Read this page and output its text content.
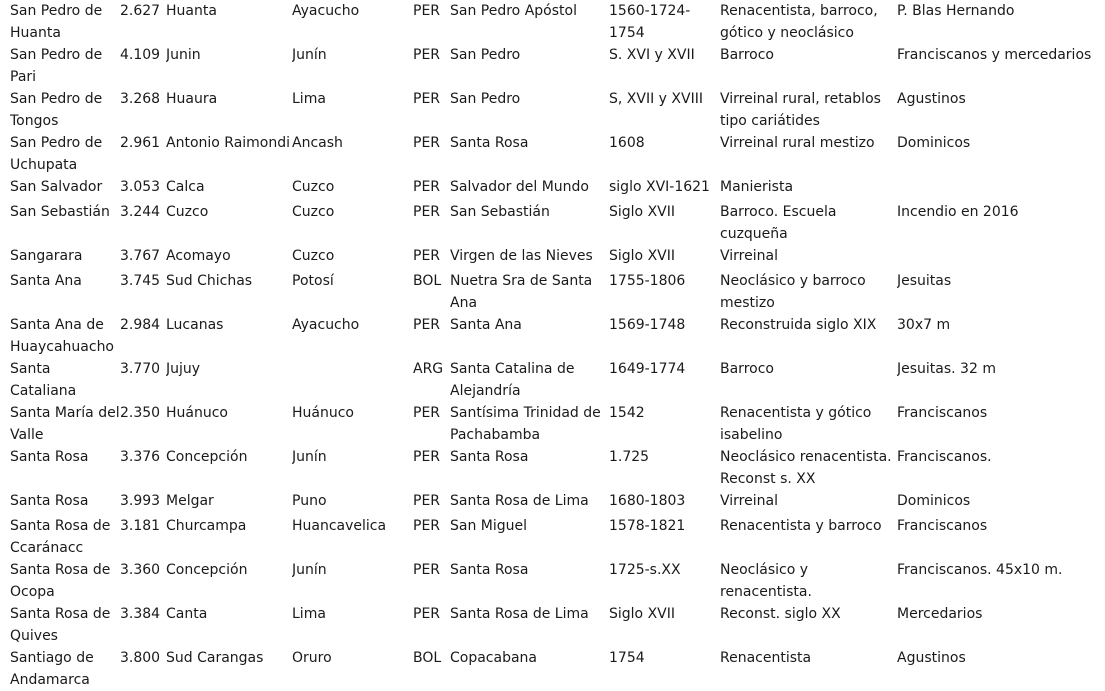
San Pedro de Huanta	2.627	Huanta	Ayacucho	PER	San Pedro Apóstol	1560-1724-1754	Renacentista, barroco, gótico y neoclásico	P. Blas Hernando
San Pedro de Pari	4.109	Junin	Junín	PER	San Pedro	S. XVI y XVII	Barroco	Franciscanos y mercedarios
San Pedro de Tongos	3.268	Huaura	Lima	PER	San Pedro	S, XVII y XVIII	Virreinal rural, retablos tipo cariátides	Agustinos
San Pedro de Uchupata	2.961	Antonio Raimondi	Ancash	PER	Santa Rosa	1608	Virreinal rural mestizo	Dominicos
San Salvador	3.053	Calca	Cuzco	PER	Salvador del Mundo	siglo XVI-1621	Manierista	
San Sebastián	3.244	Cuzco	Cuzco	PER	San Sebastián	Siglo XVII	Barroco. Escuela cuzqueña	Incendio en 2016
Sangarara	3.767	Acomayo	Cuzco	PER	Virgen de las Nieves	Siglo XVII	Virreinal	
Santa Ana	3.745	Sud Chichas	Potosí	BOL	Nuetra Sra de Santa Ana	1755-1806	Neoclásico y barroco mestizo	Jesuitas
Santa Ana de Huaycahuacho	2.984	Lucanas	Ayacucho	PER	Santa Ana	1569-1748	Reconstruida siglo XIX	30x7 m
Santa Cataliana	3.770	Jujuy		ARG	Santa Catalina de Alejandría	1649-1774	Barroco	Jesuitas. 32 m
Santa María del Valle	2.350	Huánuco	Huánuco	PER	Santísima Trinidad de Pachabamba	1542	Renacentista y gótico isabelino	Franciscanos
Santa Rosa	3.376	Concepción	Junín	PER	Santa Rosa	1.725	Neoclásico renacentista. Reconst s. XX	Franciscanos.
Santa Rosa	3.993	Melgar	Puno	PER	Santa Rosa de Lima	1680-1803	Virreinal	Dominicos
Santa Rosa de Ccaránacc	3.181	Churcampa	Huancavelica	PER	San Miguel	1578-1821	Renacentista y barroco	Franciscanos
Santa Rosa de Ocopa	3.360	Concepción	Junín	PER	Santa Rosa	1725-s.XX	Neoclásico y renacentista.	Franciscanos. 45x10 m.
Santa Rosa de Quives	3.384	Canta	Lima	PER	Santa Rosa de Lima	Siglo XVII	Reconst. siglo XX	Mercedarios
Santiago de Andamarca	3.800	Sud Carangas	Oruro	BOL	Copacabana	1754	Renacentista	Agustinos
